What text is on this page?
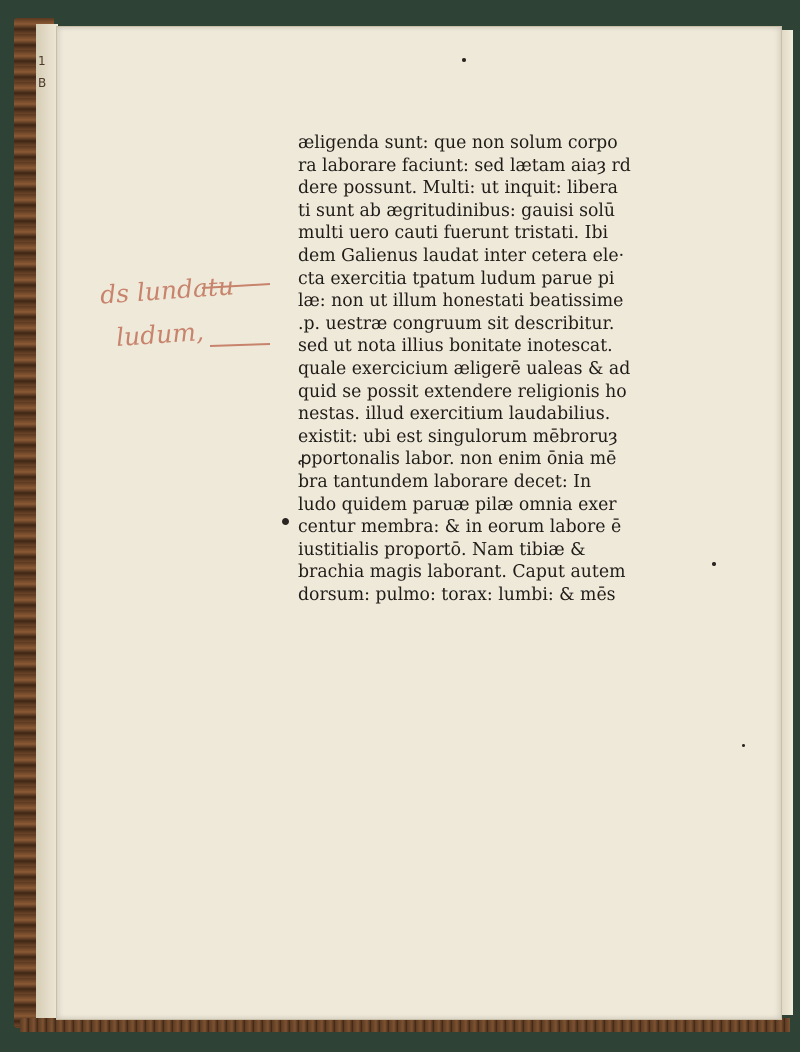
1
B
ds lundatu
ludum,
æligenda sunt: que non solum corpo
ra laborare faciunt: sed lætam aiaȝ rd
dere possunt. Multi: ut inquit: libera
ti sunt ab ægritudinibus: gauisi solū
multi uero cauti fuerunt tristati. Ibi
dem Galienus laudat inter cetera ele·
cta exercitia tpatum ludum parue pi
læ: non ut illum honestati beatissime
.p. uestræ congruum sit describitur.
sed ut nota illius bonitate inotescat.
quale exercicium æligerē ualeas & ad
quid se possit extendere religionis ho
nestas. illud exercitium laudabilius.
existit: ubi est singulorum mēbroruȝ
ꝓportonalis labor. non enim ōnia mē
bra tantundem laborare decet: In
ludo quidem paruæ pilæ omnia exer
centur membra: & in eorum labore ē
iustitialis proportō. Nam tibiæ &
brachia magis laborant. Caput autem
dorsum: pulmo: torax: lumbi: & mēs
